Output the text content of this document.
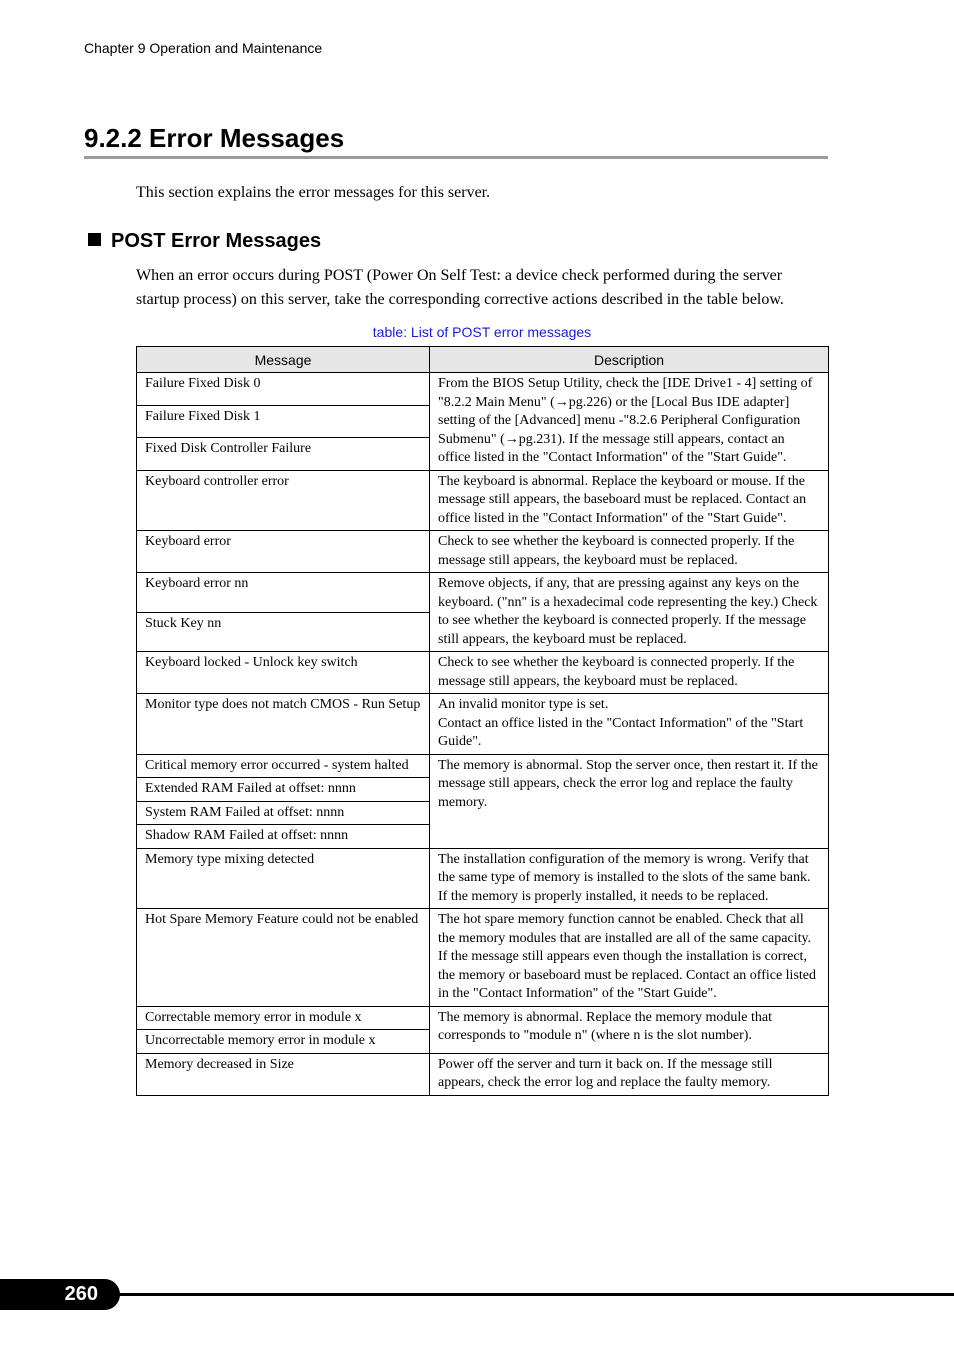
Chapter 9 Operation and Maintenance
9.2.2 Error Messages
This section explains the error messages for this server.
POST Error Messages
When an error occurs during POST (Power On Self Test: a device check performed during the server startup process) on this server, take the corresponding corrective actions described in the table below.
table: List of POST error messages
Message	Description
Failure Fixed Disk 0	From the BIOS Setup Utility, check the [IDE Drive1 - 4] setting of "8.2.2 Main Menu" (→pg.226) or the [Local Bus IDE adapter] setting of the [Advanced] menu -"8.2.6 Peripheral Configuration Submenu" (→pg.231). If the message still appears, contact an office listed in the "Contact Information" of the "Start Guide".
Failure Fixed Disk 1	
Fixed Disk Controller Failure	
Keyboard controller error	The keyboard is abnormal. Replace the keyboard or mouse. If the message still appears, the baseboard must be replaced. Contact an office listed in the "Contact Information" of the "Start Guide".
Keyboard error	Check to see whether the keyboard is connected properly. If the message still appears, the keyboard must be replaced.
Keyboard error nn	Remove objects, if any, that are pressing against any keys on the keyboard. ("nn" is a hexadecimal code representing the key.) Check to see whether the keyboard is connected properly. If the message still appears, the keyboard must be replaced.
Stuck Key nn	
Keyboard locked - Unlock key switch	Check to see whether the keyboard is connected properly. If the message still appears, the keyboard must be replaced.
Monitor type does not match CMOS - Run Setup	An invalid monitor type is set.
Contact an office listed in the "Contact Information" of the "Start Guide".
Critical memory error occurred - system halted	The memory is abnormal. Stop the server once, then restart it. If the message still appears, check the error log and replace the faulty memory.
Extended RAM Failed at offset: nnnn	
System RAM Failed at offset: nnnn	
Shadow RAM Failed at offset: nnnn	
Memory type mixing detected	The installation configuration of the memory is wrong. Verify that the same type of memory is installed to the slots of the same bank. If the memory is properly installed, it needs to be replaced.
Hot Spare Memory Feature could not be enabled	The hot spare memory function cannot be enabled. Check that all the memory modules that are installed are all of the same capacity. If the message still appears even though the installation is correct, the memory or baseboard must be replaced. Contact an office listed in the "Contact Information" of the "Start Guide".
Correctable memory error in module x	The memory is abnormal. Replace the memory module that corresponds to "module n" (where n is the slot number).
Uncorrectable memory error in module x	
Memory decreased in Size	Power off the server and turn it back on. If the message still appears, check the error log and replace the faulty memory.
260
